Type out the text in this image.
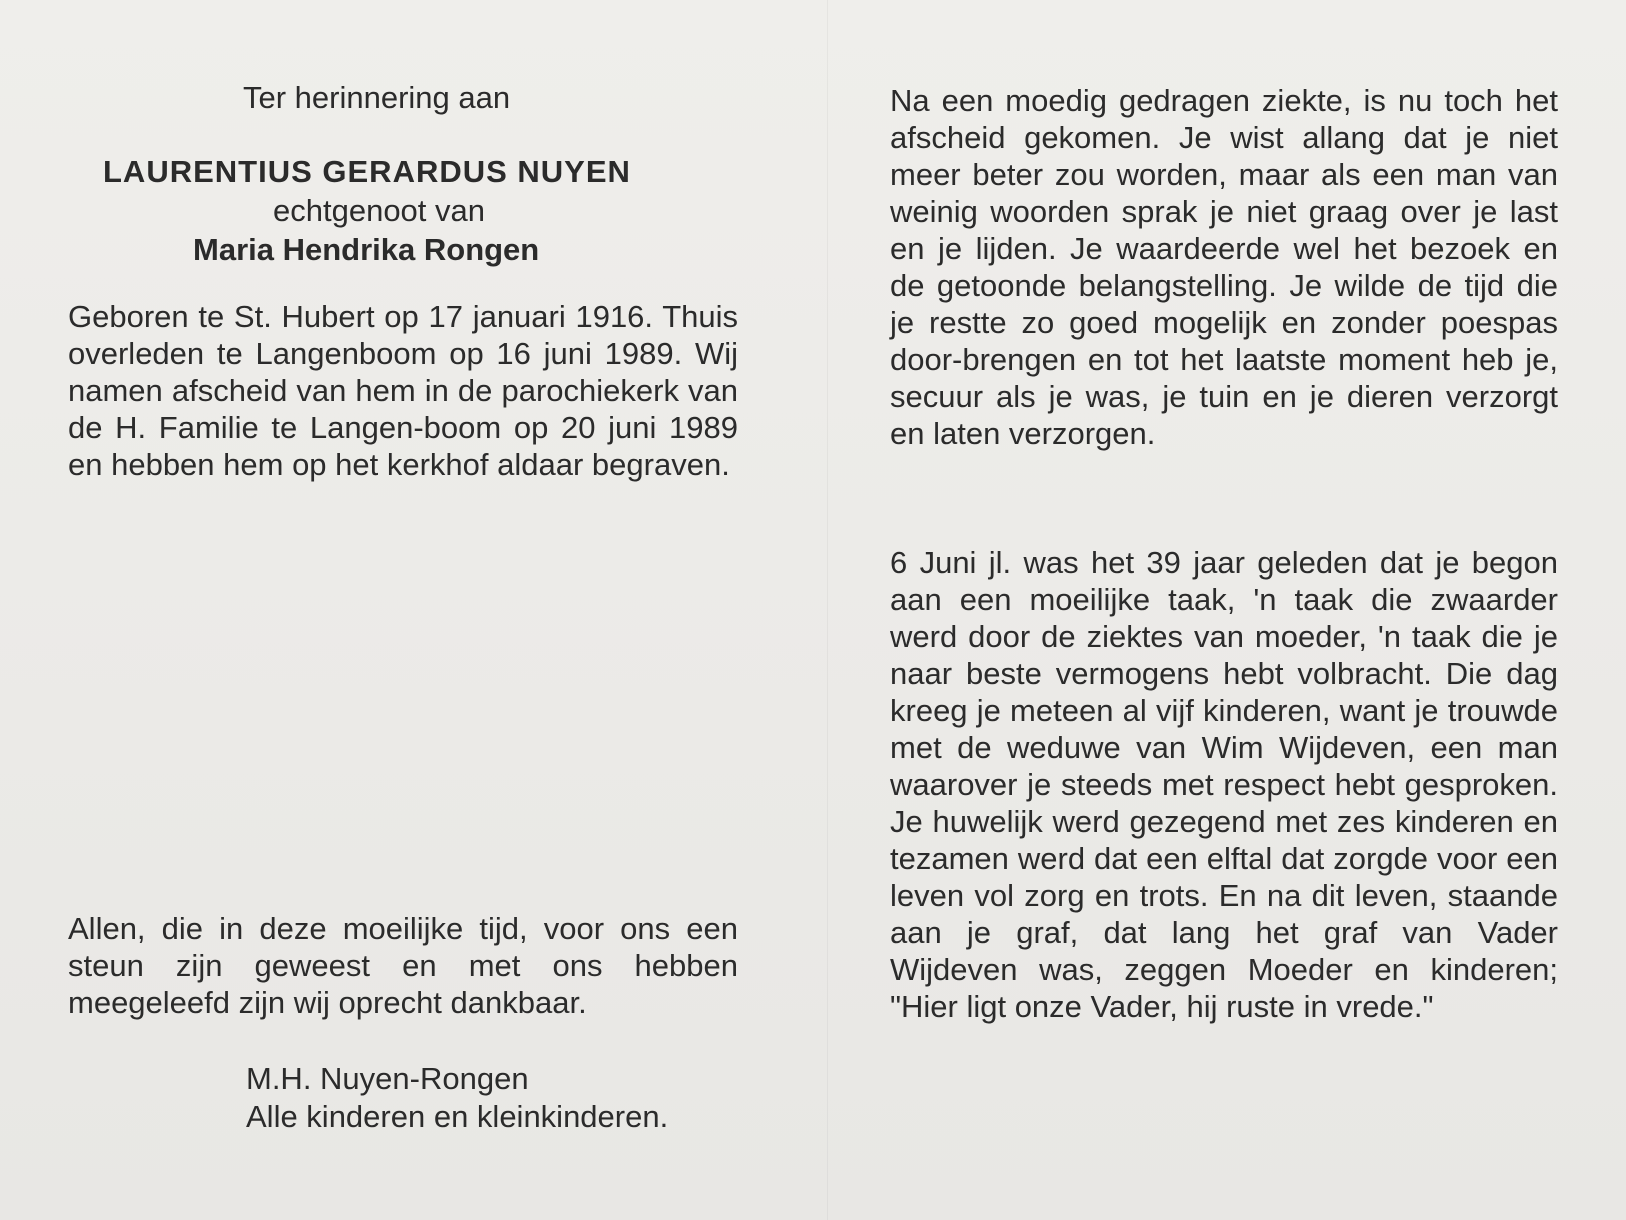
Ter herinnering aan

LAURENTIUS GERARDUS NUYEN
echtgenoot van
Maria Hendrika Rongen

Geboren te St. Hubert op 17 januari 1916. Thuis overleden te Langenboom op 16 juni 1989. Wij namen afscheid van hem in de parochiekerk van de H. Familie te Langen-boom op 20 juni 1989 en hebben hem op het kerkhof aldaar begraven.

Allen, die in deze moeilijke tijd, voor ons een steun zijn geweest en met ons hebben meegeleefd zijn wij oprecht dankbaar.

M.H. Nuyen-Rongen
Alle kinderen en kleinkinderen.

Na een moedig gedragen ziekte, is nu toch het afscheid gekomen. Je wist allang dat je niet meer beter zou worden, maar als een man van weinig woorden sprak je niet graag over je last en je lijden. Je waardeerde wel het bezoek en de getoonde belangstelling. Je wilde de tijd die je restte zo goed mogelijk en zonder poespas door-brengen en tot het laatste moment heb je, secuur als je was, je tuin en je dieren verzorgt en laten verzorgen.

6 Juni jl. was het 39 jaar geleden dat je begon aan een moeilijke taak, 'n taak die zwaarder werd door de ziektes van moeder, 'n taak die je naar beste vermogens hebt volbracht. Die dag kreeg je meteen al vijf kinderen, want je trouwde met de weduwe van Wim Wijdeven, een man waarover je steeds met respect hebt gesproken. Je huwelijk werd gezegend met zes kinderen en tezamen werd dat een elftal dat zorgde voor een leven vol zorg en trots. En na dit leven, staande aan je graf, dat lang het graf van Vader Wijdeven was, zeggen Moeder en kinderen; "Hier ligt onze Vader, hij ruste in vrede."
